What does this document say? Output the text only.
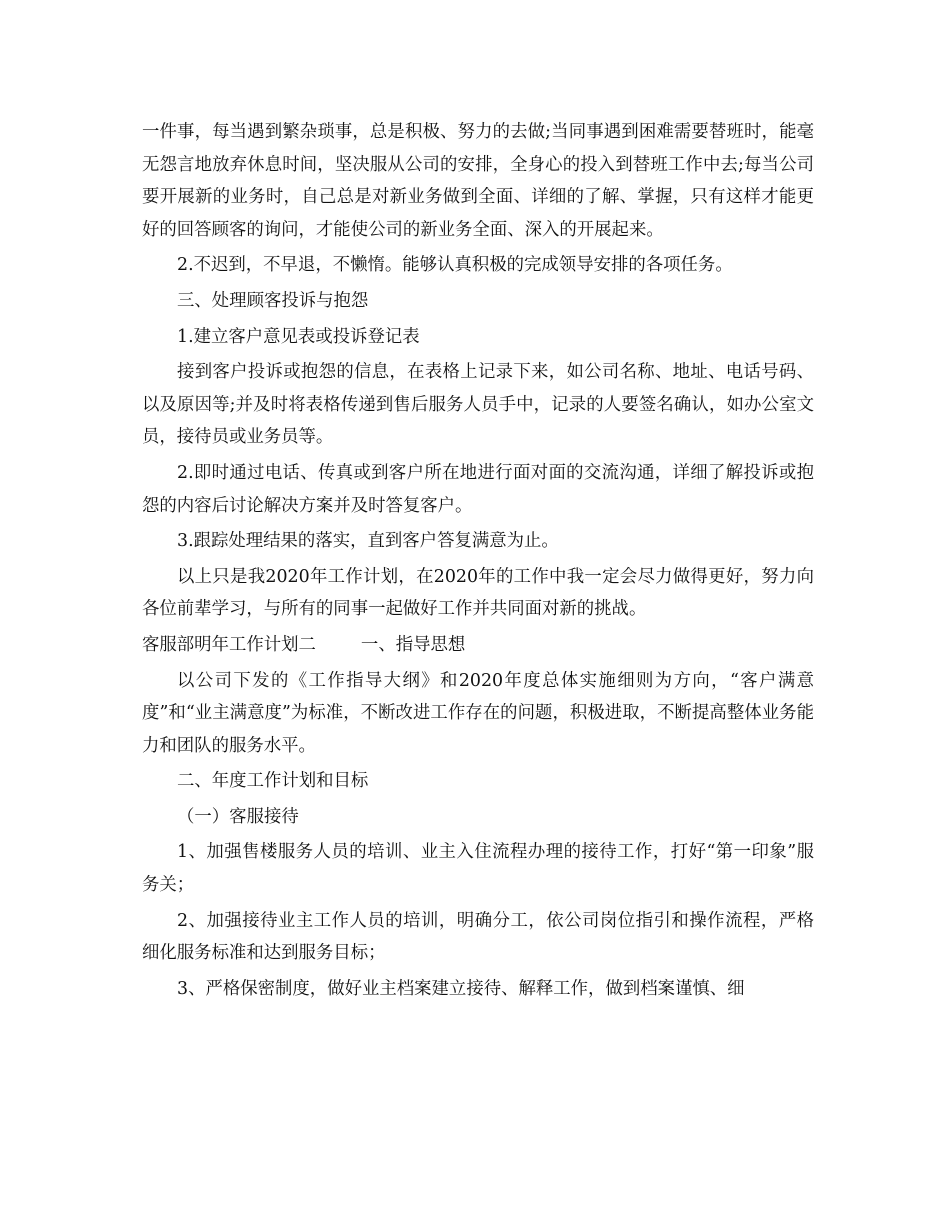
一件事，每当遇到繁杂琐事，总是积极、努力的去做;当同事遇到困难需要替班时，能毫无怨言地放弃休息时间，坚决服从公司的安排，全身心的投入到替班工作中去;每当公司要开展新的业务时，自己总是对新业务做到全面、详细的了解、掌握，只有这样才能更好的回答顾客的询问，才能使公司的新业务全面、深入的开展起来。

2.不迟到，不早退，不懒惰。能够认真积极的完成领导安排的各项任务。

三、处理顾客投诉与抱怨

1.建立客户意见表或投诉登记表

接到客户投诉或抱怨的信息，在表格上记录下来，如公司名称、地址、电话号码、以及原因等;并及时将表格传递到售后服务人员手中，记录的人要签名确认，如办公室文员，接待员或业务员等。

2.即时通过电话、传真或到客户所在地进行面对面的交流沟通，详细了解投诉或抱怨的内容后讨论解决方案并及时答复客户。

3.跟踪处理结果的落实，直到客户答复满意为止。

以上只是我2020年工作计划，在2020年的工作中我一定会尽力做得更好，努力向各位前辈学习，与所有的同事一起做好工作并共同面对新的挑战。

客服部明年工作计划二	一、指导思想

以公司下发的《工作指导大纲》和2020年度总体实施细则为方向，“客户满意度”和“业主满意度”为标准，不断改进工作存在的问题，积极进取，不断提高整体业务能力和团队的服务水平。

二、年度工作计划和目标

（一）客服接待

1、加强售楼服务人员的培训、业主入住流程办理的接待工作，打好“第一印象”服务关；

2、加强接待业主工作人员的培训，明确分工，依公司岗位指引和操作流程，严格细化服务标准和达到服务目标；

3、严格保密制度，做好业主档案建立接待、解释工作，做到档案谨慎、细
